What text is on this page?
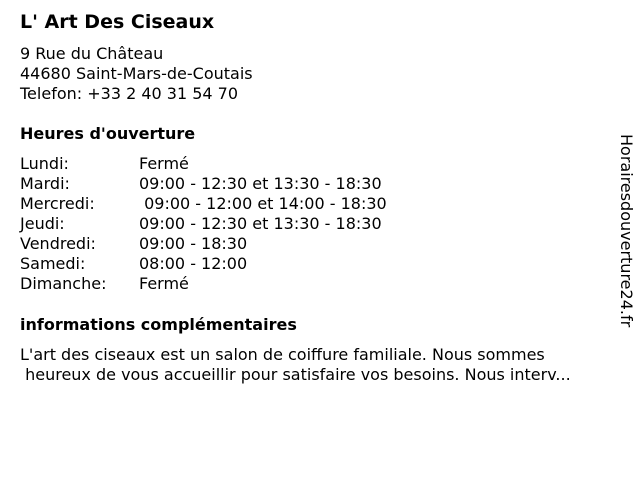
L' Art Des Ciseaux
9 Rue du Château
44680 Saint-Mars-de-Coutais
Telefon: +33 2 40 31 54 70
Heures d'ouverture
Lundi:	Fermé
Mardi:	09:00 - 12:30 et 13:30 - 18:30
Mercredi:	09:00 - 12:00 et 14:00 - 18:30
Jeudi:	09:00 - 12:30 et 13:30 - 18:30
Vendredi:	09:00 - 18:30
Samedi:	08:00 - 12:00
Dimanche:	Fermé
informations complémentaires
L'art des ciseaux est un salon de coiffure familiale. Nous sommes
heureux de vous accueillir pour satisfaire vos besoins. Nous interv...
Horairesdouverture24.fr
